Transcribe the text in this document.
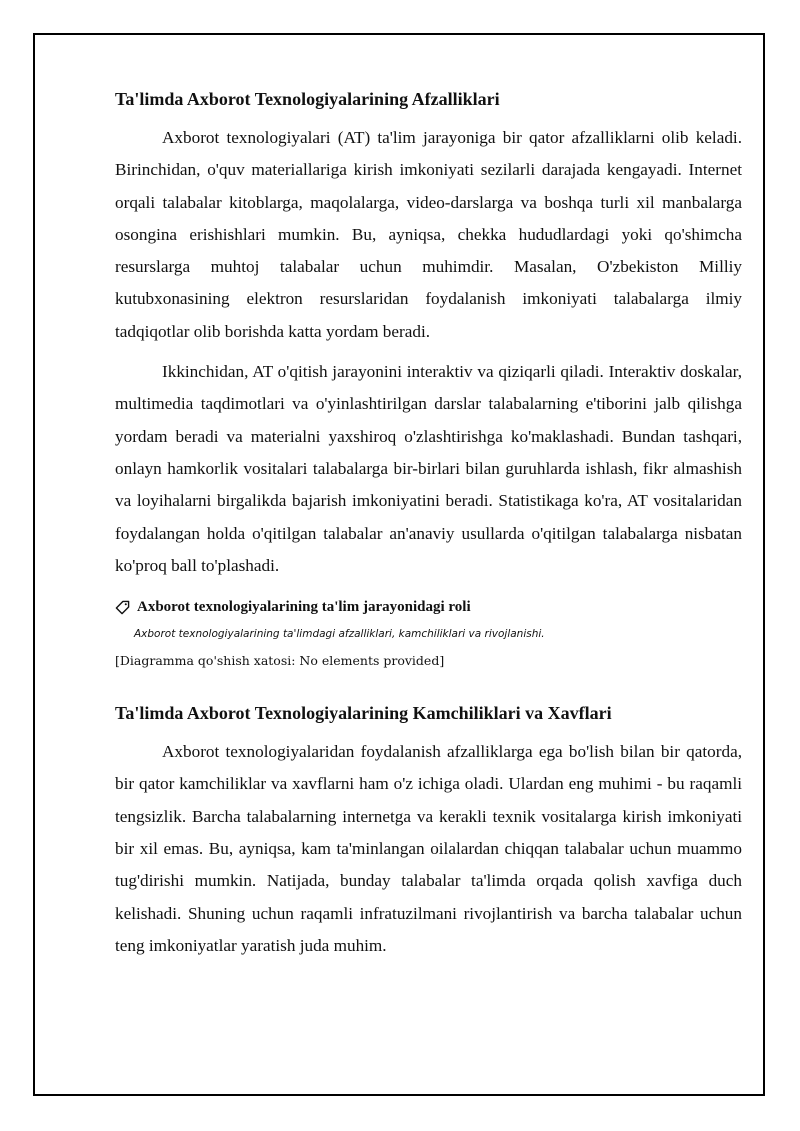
Ta'limda Axborot Texnologiyalarining Afzalliklari

Axborot texnologiyalari (AT) ta'lim jarayoniga bir qator afzalliklarni olib keladi. Birinchidan, o'quv materiallariga kirish imkoniyati sezilarli darajada kengayadi. Internet orqali talabalar kitoblarga, maqolalarga, video-darslarga va boshqa turli xil manbalarga osongina erishishlari mumkin. Bu, ayniqsa, chekka hududlardagi yoki qo'shimcha resurslarga muhtoj talabalar uchun muhimdir. Masalan, O'zbekiston Milliy kutubxonasining elektron resurslaridan foydalanish imkoniyati talabalarga ilmiy tadqiqotlar olib borishda katta yordam beradi.

Ikkinchidan, AT o'qitish jarayonini interaktiv va qiziqarli qiladi. Interaktiv doskalar, multimedia taqdimotlari va o'yinlashtirilgan darslar talabalarning e'tiborini jalb qilishga yordam beradi va materialni yaxshiroq o'zlashtirishga ko'maklashadi. Bundan tashqari, onlayn hamkorlik vositalari talabalarga bir-birlari bilan guruhlarda ishlash, fikr almashish va loyihalarni birgalikda bajarish imkoniyatini beradi. Statistikaga ko'ra, AT vositalaridan foydalangan holda o'qitilgan talabalar an'anaviy usullarda o'qitilgan talabalarga nisbatan ko'proq ball to'plashadi.

Axborot texnologiyalarining ta'lim jarayonidagi roli
Axborot texnologiyalarining ta'limdagi afzalliklari, kamchiliklari va rivojlanishi.
[Diagramma qo'shish xatosi: No elements provided]
Ta'limda Axborot Texnologiyalarining Kamchiliklari va Xavflari

Axborot texnologiyalaridan foydalanish afzalliklarga ega bo'lish bilan bir qatorda, bir qator kamchiliklar va xavflarni ham o'z ichiga oladi. Ulardan eng muhimi - bu raqamli tengsizlik. Barcha talabalarning internetga va kerakli texnik vositalarga kirish imkoniyati bir xil emas. Bu, ayniqsa, kam ta'minlangan oilalardan chiqqan talabalar uchun muammo tug'dirishi mumkin. Natijada, bunday talabalar ta'limda orqada qolish xavfiga duch kelishadi. Shuning uchun raqamli infratuzilmani rivojlantirish va barcha talabalar uchun teng imkoniyatlar yaratish juda muhim.
